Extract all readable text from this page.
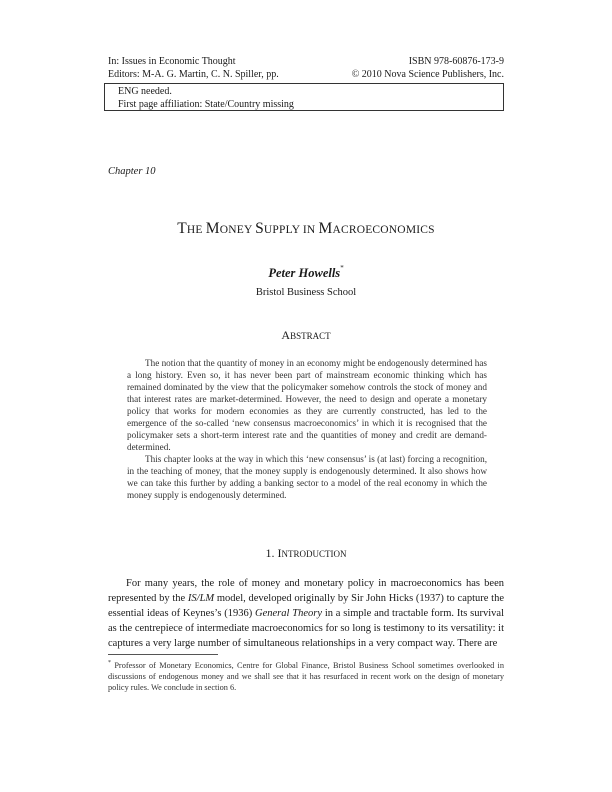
In: Issues in Economic Thought
Editors: M-A. G. Martin, C. N. Spiller, pp.
ISBN 978-60876-173-9
© 2010 Nova Science Publishers, Inc.
ENG needed.
First page affiliation: State/Country missing
Chapter 10
THE MONEY SUPPLY IN MACROECONOMICS
Peter Howells*
Bristol Business School
ABSTRACT

The notion that the quantity of money in an economy might be endogenously determined has a long history. Even so, it has never been part of mainstream economic thinking which has remained dominated by the view that the policymaker somehow controls the stock of money and that interest rates are market-determined. However, the need to design and operate a monetary policy that works for modern economies as they are currently constructed, has led to the emergence of the so-called ‘new consensus macroeconomics’ in which it is recognised that the policymaker sets a short-term interest rate and the quantities of money and credit are demand-determined.

This chapter looks at the way in which this ‘new consensus’ is (at last) forcing a recognition, in the teaching of money, that the money supply is endogenously determined. It also shows how we can take this further by adding a banking sector to a model of the real economy in which the money supply is endogenously determined.

1. INTRODUCTION

For many years, the role of money and monetary policy in macroeconomics has been represented by the IS/LM model, developed originally by Sir John Hicks (1937) to capture the essential ideas of Keynes’s (1936) General Theory in a simple and tractable form. Its survival as the centrepiece of intermediate macroeconomics for so long is testimony to its versatility: it captures a very large number of simultaneous relationships in a very compact way. There are

* Professor of Monetary Economics, Centre for Global Finance, Bristol Business School sometimes overlooked in discussions of endogenous money and we shall see that it has resurfaced in recent work on the design of monetary policy rules. We conclude in section 6.
